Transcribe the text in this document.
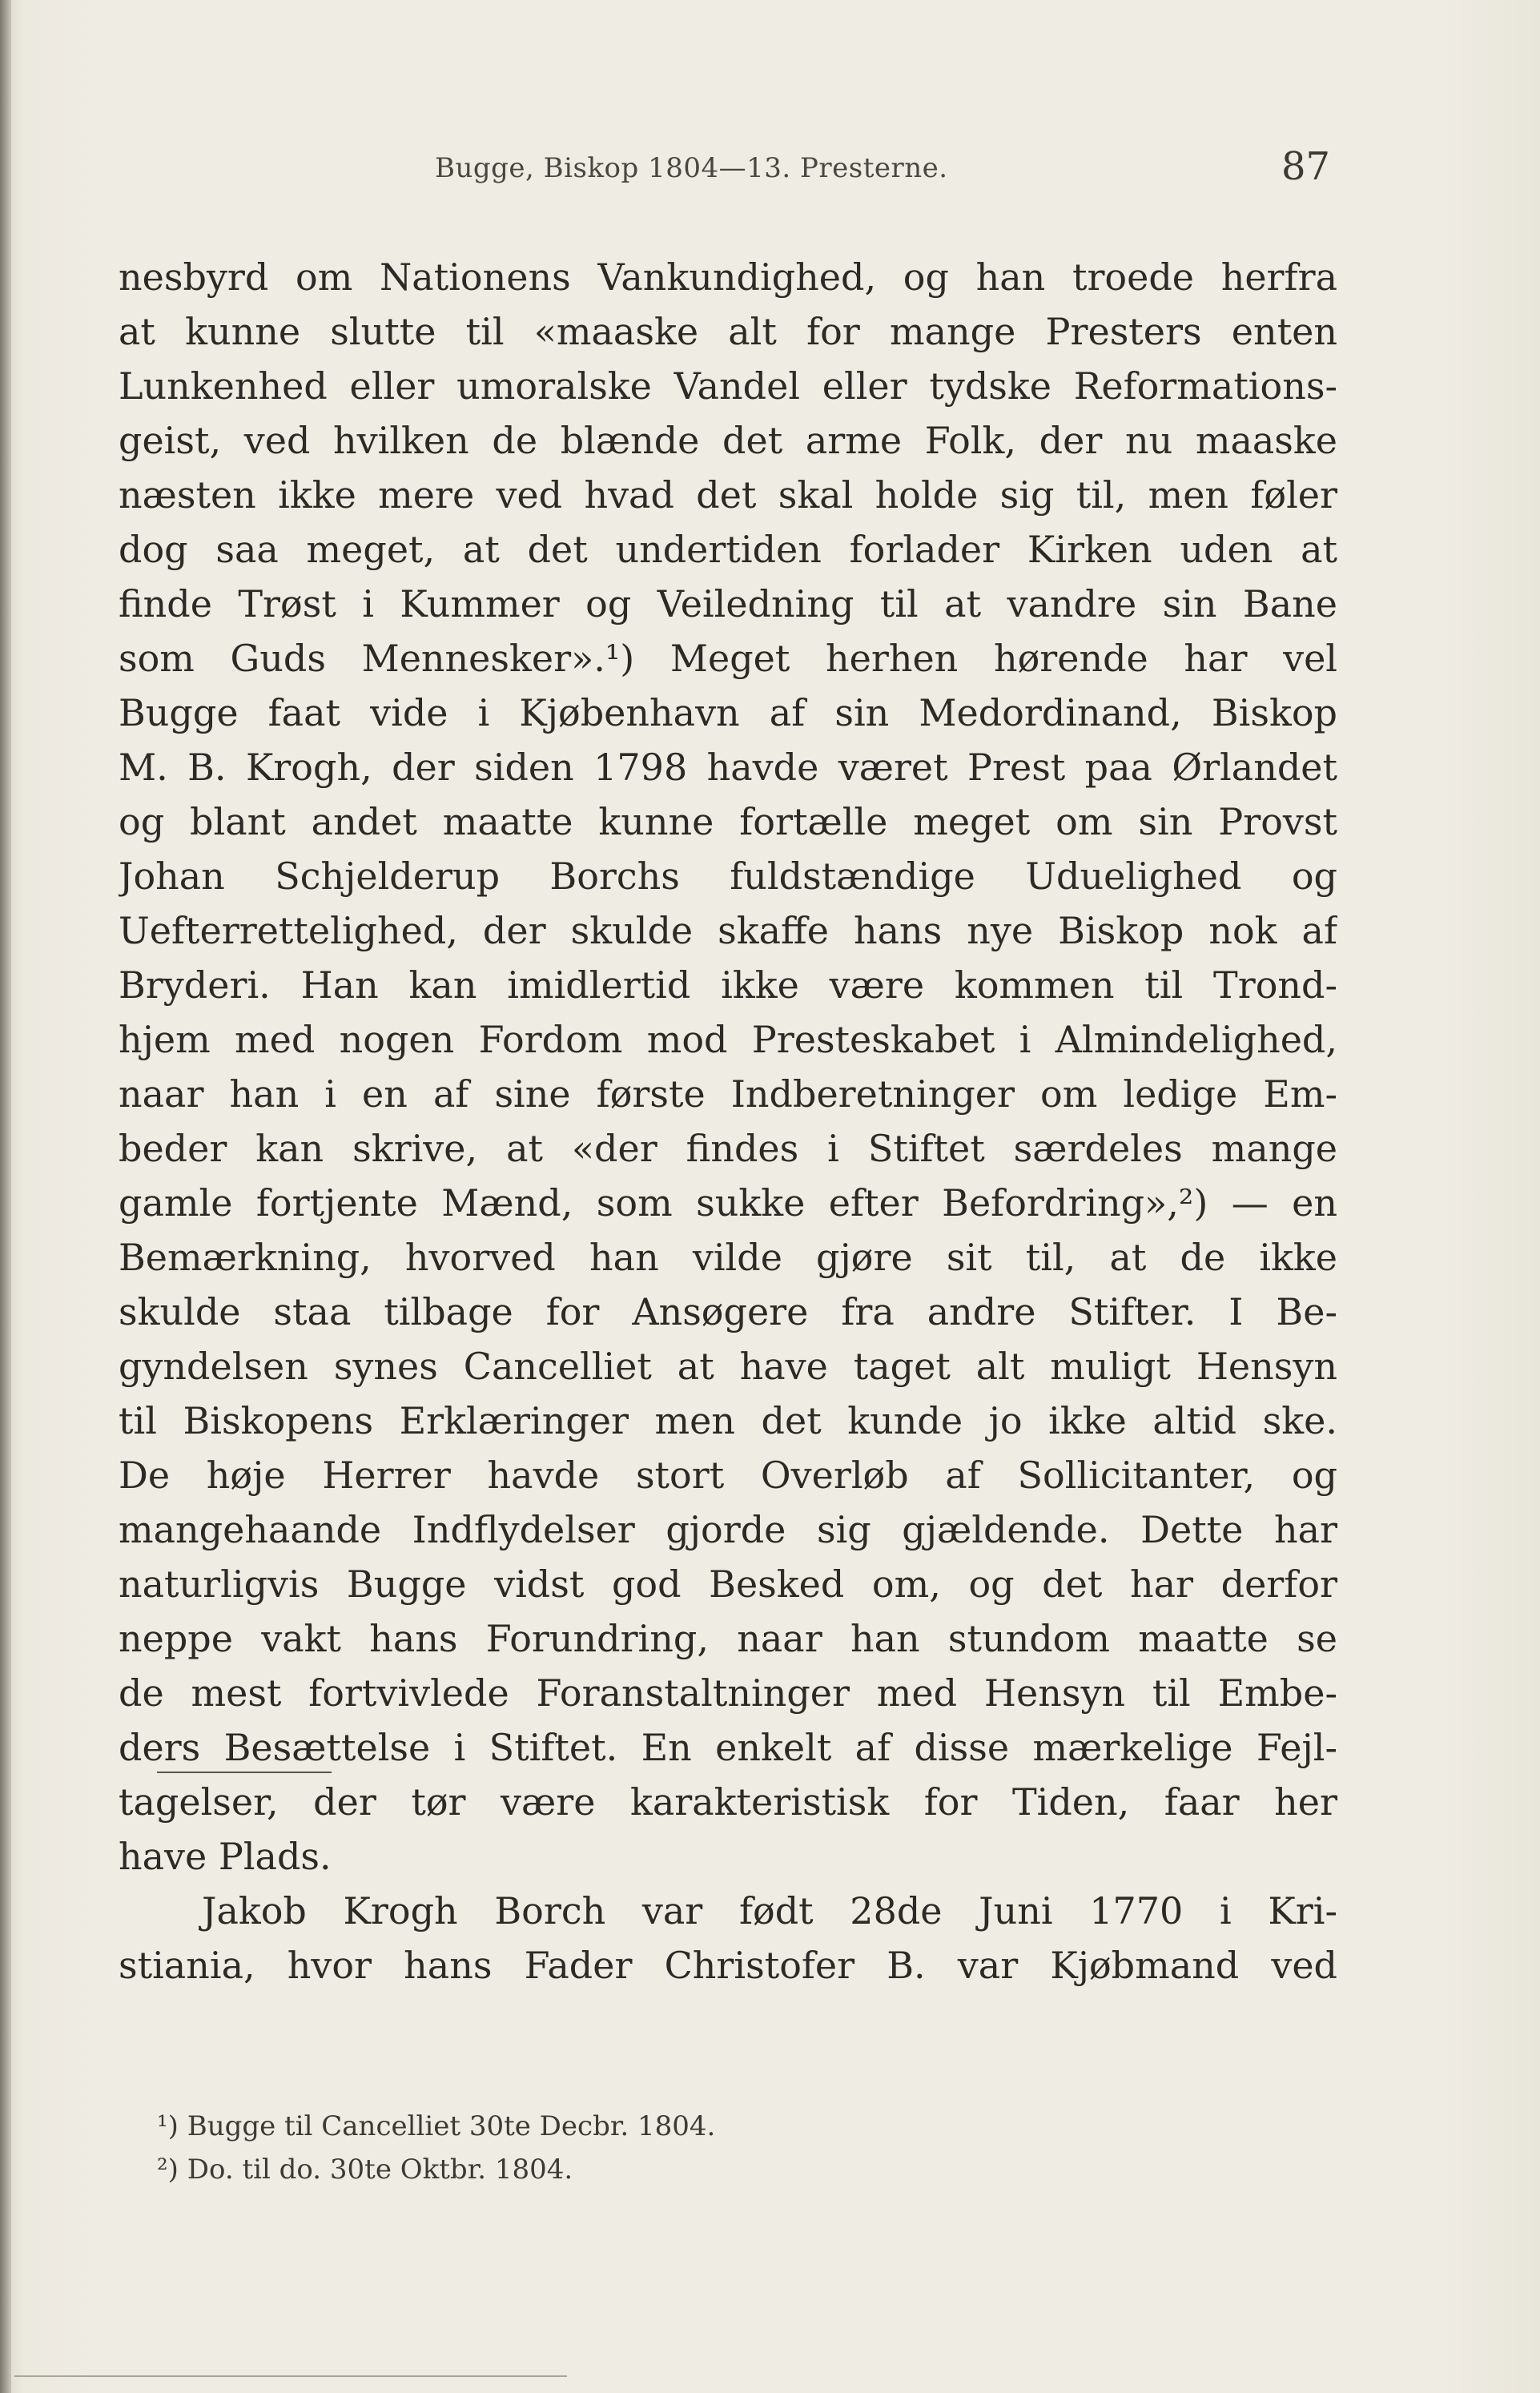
Bugge, Biskop 1804—13. Presterne.	87
nesbyrd om Nationens Vankundighed, og han troede herfra
at kunne slutte til «maaske alt for mange Presters enten
Lunkenhed eller umoralske Vandel eller tydske Reformations-
geist, ved hvilken de blænde det arme Folk, der nu maaske
næsten ikke mere ved hvad det skal holde sig til, men føler
dog saa meget, at det undertiden forlader Kirken uden at
finde Trøst i Kummer og Veiledning til at vandre sin Bane
som Guds Mennesker».¹) Meget herhen hørende har vel
Bugge faat vide i Kjøbenhavn af sin Medordinand, Biskop
M. B. Krogh, der siden 1798 havde været Prest paa Ørlandet
og blant andet maatte kunne fortælle meget om sin Provst
Johan Schjelderup Borchs fuldstændige Uduelighed og
Uefterrettelighed, der skulde skaffe hans nye Biskop nok af
Bryderi. Han kan imidlertid ikke være kommen til Trond-
hjem med nogen Fordom mod Presteskabet i Almindelighed,
naar han i en af sine første Indberetninger om ledige Em-
beder kan skrive, at «der findes i Stiftet særdeles mange
gamle fortjente Mænd, som sukke efter Befordring»,²) — en
Bemærkning, hvorved han vilde gjøre sit til, at de ikke
skulde staa tilbage for Ansøgere fra andre Stifter. I Be-
gyndelsen synes Cancelliet at have taget alt muligt Hensyn
til Biskopens Erklæringer men det kunde jo ikke altid ske.
De høje Herrer havde stort Overløb af Sollicitanter, og
mangehaande Indflydelser gjorde sig gjældende. Dette har
naturligvis Bugge vidst god Besked om, og det har derfor
neppe vakt hans Forundring, naar han stundom maatte se
de mest fortvivlede Foranstaltninger med Hensyn til Embe-
ders Besættelse i Stiftet. En enkelt af disse mærkelige Fejl-
tagelser, der tør være karakteristisk for Tiden, faar her
have Plads.
Jakob Krogh Borch var født 28de Juni 1770 i Kri-
stiania, hvor hans Fader Christofer B. var Kjøbmand ved
¹) Bugge til Cancelliet 30te Decbr. 1804.
²) Do. til do. 30te Oktbr. 1804.
